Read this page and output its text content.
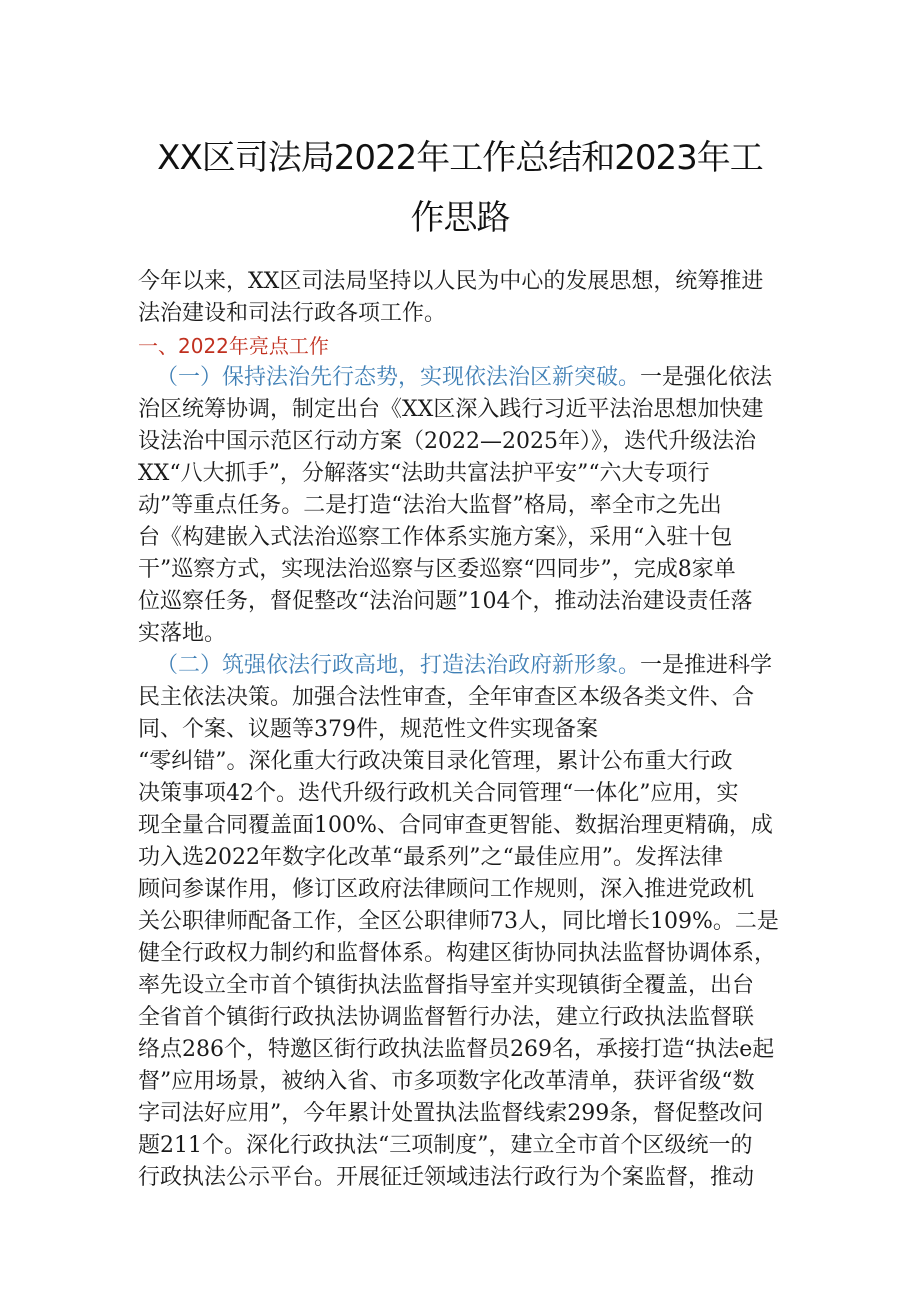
XX区司法局2022年工作总结和2023年工
作思路
今年以来，XX区司法局坚持以人民为中心的发展思想，统筹推进
法治建设和司法行政各项工作。
一、2022年亮点工作
（一）保持法治先行态势，实现依法治区新突破。一是强化依法
治区统筹协调，制定出台《XX区深入践行习近平法治思想加快建
设法治中国示范区行动方案（2022—2025年）》，迭代升级法治
XX“八大抓手”，分解落实“法助共富法护平安”“六大专项行
动”等重点任务。二是打造“法治大监督”格局，率全市之先出
台《构建嵌入式法治巡察工作体系实施方案》，采用“入驻十包
干”巡察方式，实现法治巡察与区委巡察“四同步”，完成8家单
位巡察任务，督促整改“法治问题”104个，推动法治建设责任落
实落地。
（二）筑强依法行政高地，打造法治政府新形象。一是推进科学
民主依法决策。加强合法性审查，全年审查区本级各类文件、合
同、个案、议题等379件，规范性文件实现备案
“零纠错”。深化重大行政决策目录化管理，累计公布重大行政
决策事项42个。迭代升级行政机关合同管理“一体化”应用，实
现全量合同覆盖面100%、合同审查更智能、数据治理更精确，成
功入选2022年数字化改革“最系列”之“最佳应用”。发挥法律
顾问参谋作用，修订区政府法律顾问工作规则，深入推进党政机
关公职律师配备工作，全区公职律师73人，同比增长109%。二是
健全行政权力制约和监督体系。构建区街协同执法监督协调体系，
率先设立全市首个镇街执法监督指导室并实现镇街全覆盖，出台
全省首个镇街行政执法协调监督暂行办法，建立行政执法监督联
络点286个，特邀区街行政执法监督员269名，承接打造“执法e起
督”应用场景，被纳入省、市多项数字化改革清单，获评省级“数
字司法好应用”，今年累计处置执法监督线索299条，督促整改问
题211个。深化行政执法“三项制度”，建立全市首个区级统一的
行政执法公示平台。开展征迁领域违法行政行为个案监督，推动
